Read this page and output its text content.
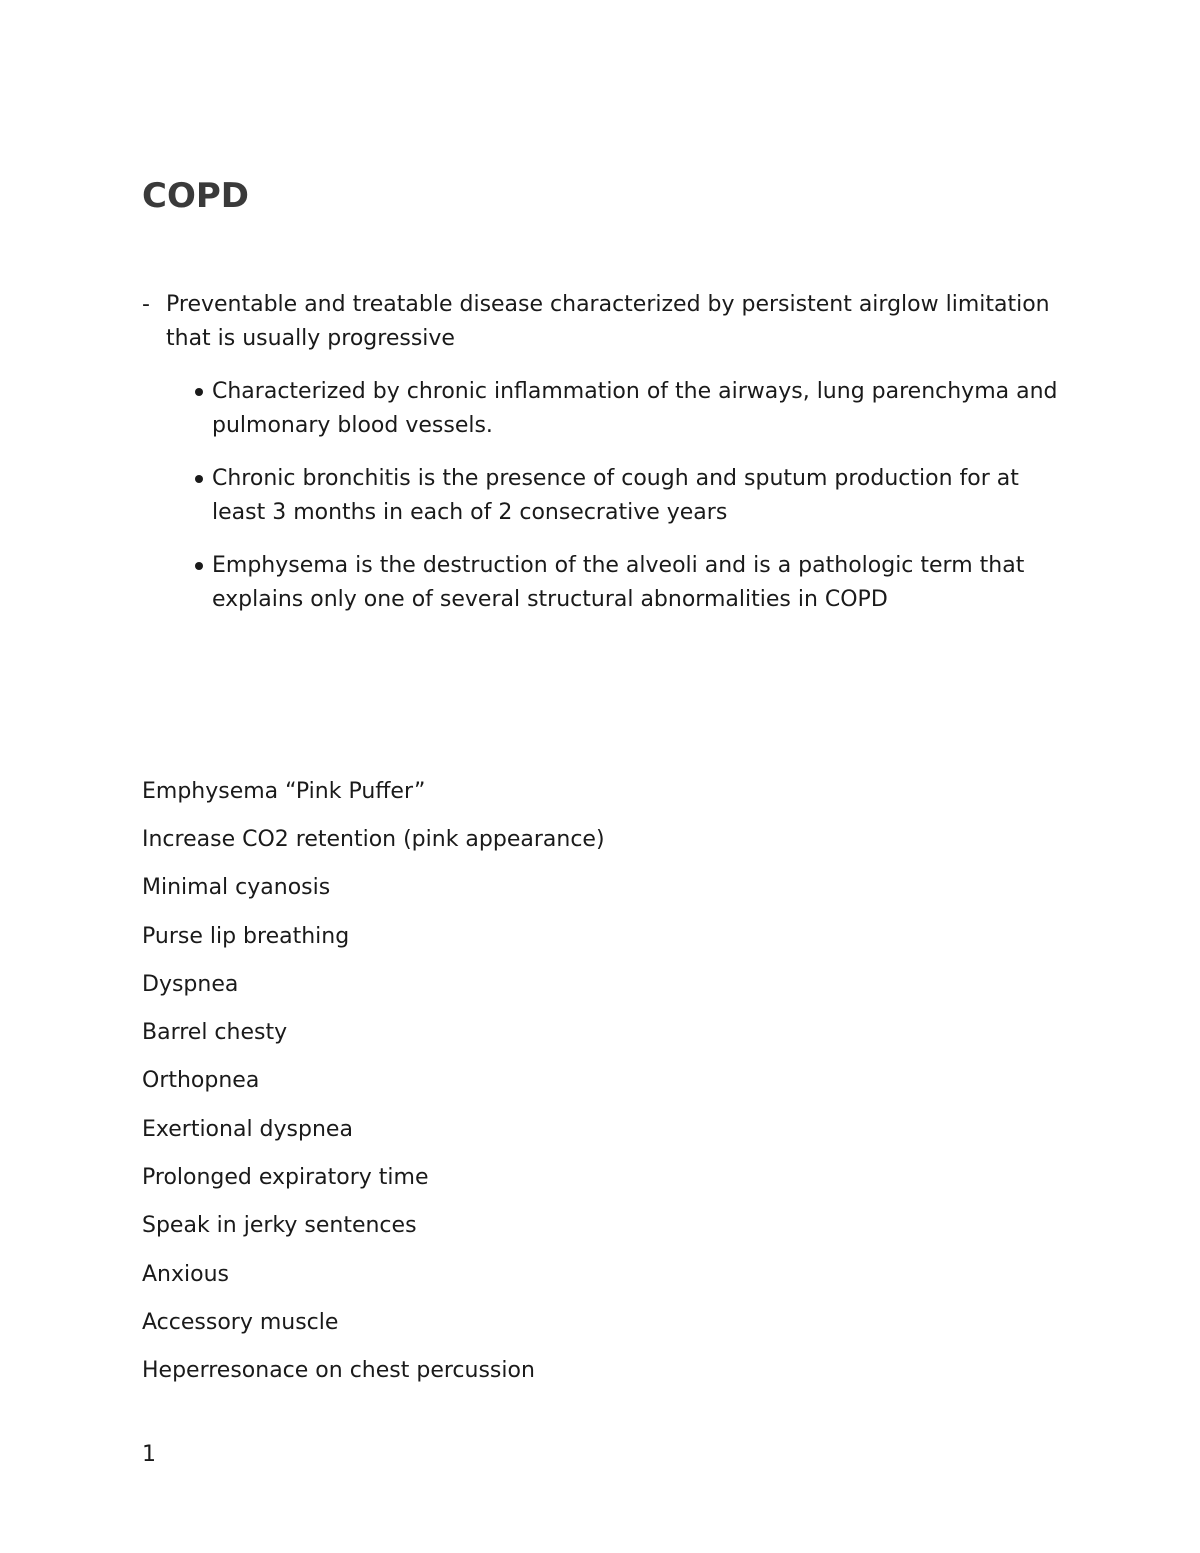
COPD
- Preventable and treatable disease characterized by persistent airglow limitation that is usually progressive
Characterized by chronic inflammation of the airways, lung parenchyma and pulmonary blood vessels.
Chronic bronchitis is the presence of cough and sputum production for at least 3 months in each of 2 consecrative years
Emphysema is the destruction of the alveoli and is a pathologic term that explains only one of several structural abnormalities in COPD
Emphysema “Pink Puffer”
Increase CO2 retention (pink appearance)
Minimal cyanosis
Purse lip breathing
Dyspnea
Barrel chesty
Orthopnea
Exertional dyspnea
Prolonged expiratory time
Speak in jerky sentences
Anxious
Accessory muscle
Heperresonace on chest percussion
1
